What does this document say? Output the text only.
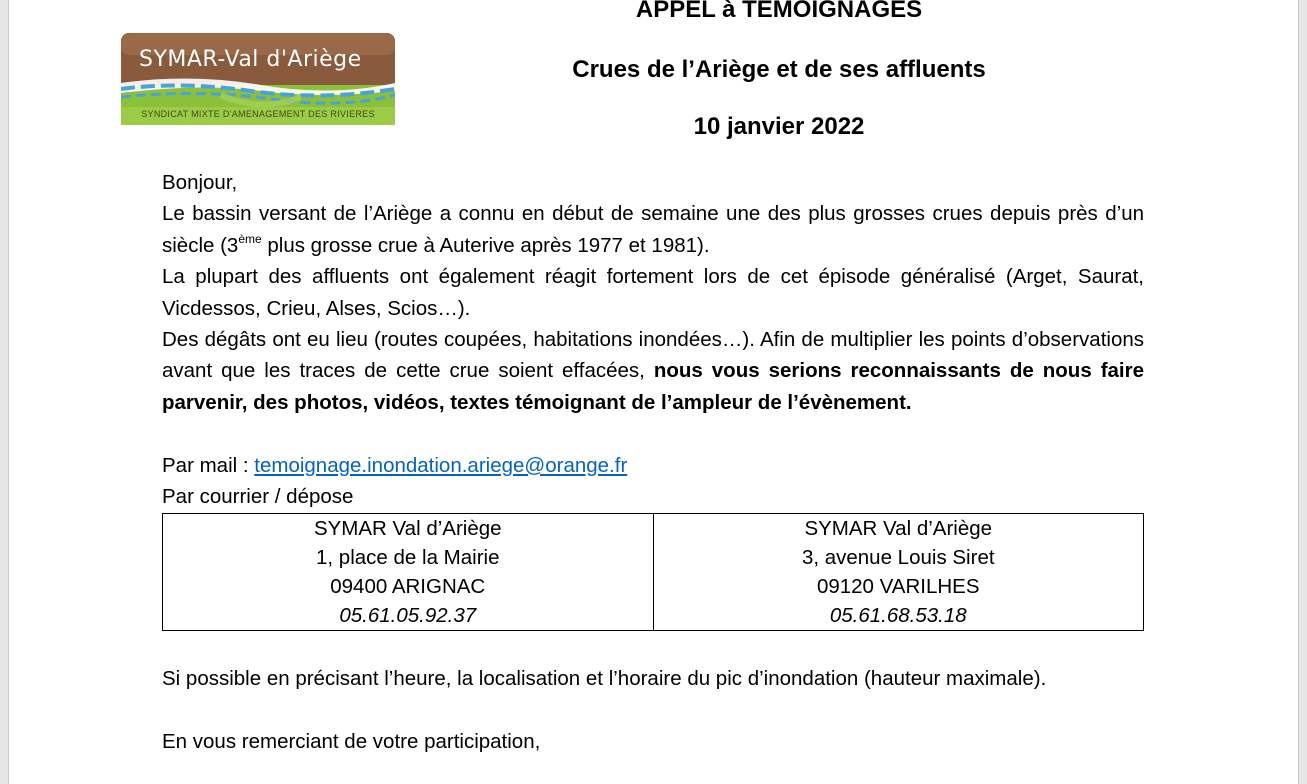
SYMAR-Val d'Ariège
SYNDICAT MIXTE D'AMENAGEMENT DES RIVIERES
APPEL à TEMOIGNAGES
Crues de l’Ariège et de ses affluents
10 janvier 2022

Bonjour,

Le bassin versant de l’Ariège a connu en début de semaine une des plus grosses crues depuis près d’un siècle (3ème plus grosse crue à Auterive après 1977 et 1981).

La plupart des affluents ont également réagit fortement lors de cet épisode généralisé (Arget, Saurat, Vicdessos, Crieu, Alses, Scios…).

Des dégâts ont eu lieu (routes coupées, habitations inondées…). Afin de multiplier les points d’observations avant que les traces de cette crue soient effacées, nous vous serions reconnaissants de nous faire parvenir, des photos, vidéos, textes témoignant de l’ampleur de l’évènement.

Par mail : temoignage.inondation.ariege@orange.fr

Par courrier / dépose

SYMAR Val d’Ariège
1, place de la Mairie
09400 ARIGNAC
05.61.05.92.37

SYMAR Val d’Ariège
3, avenue Louis Siret
09120 VARILHES
05.61.68.53.18

Si possible en précisant l’heure, la localisation et l’horaire du pic d’inondation (hauteur maximale).

En vous remerciant de votre participation,
